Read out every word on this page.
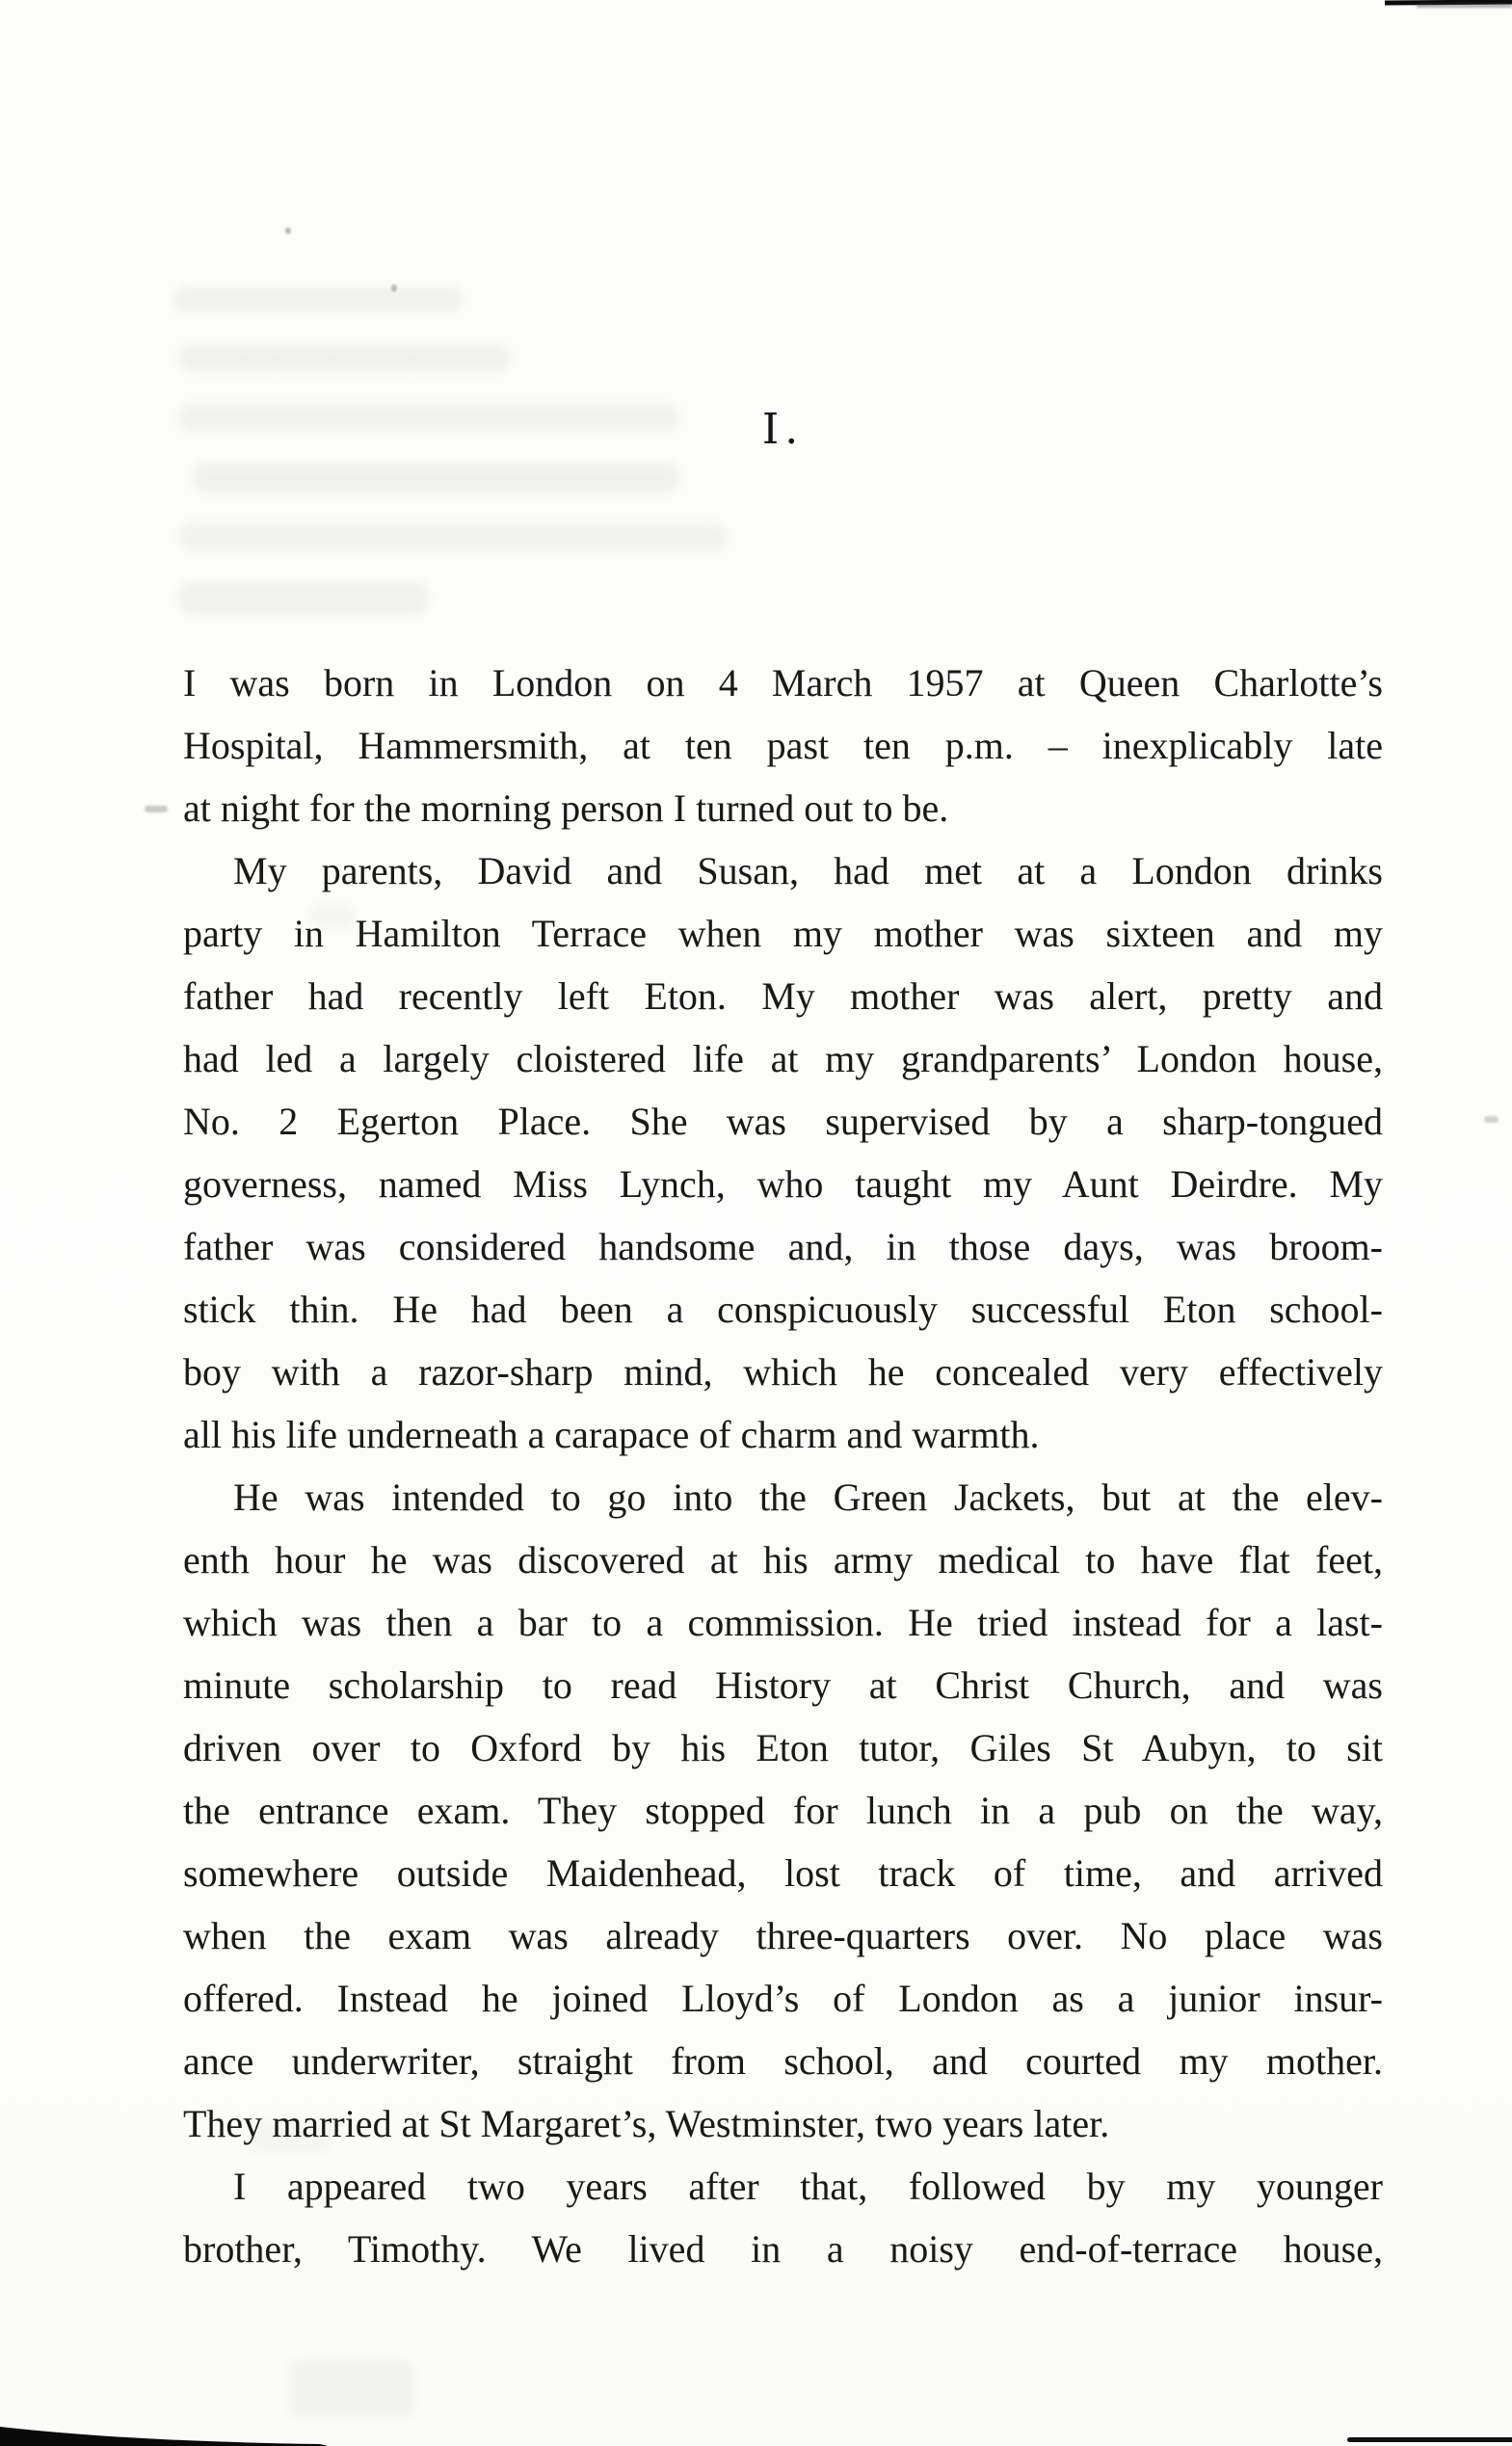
I.
I was born in London on 4 March 1957 at Queen Charlotte’s
Hospital, Hammersmith, at ten past ten p.m. – inexplicably late
at night for the morning person I turned out to be.
My parents, David and Susan, had met at a London drinks
party in Hamilton Terrace when my mother was sixteen and my
father had recently left Eton. My mother was alert, pretty and
had led a largely cloistered life at my grandparents’ London house,
No. 2 Egerton Place. She was supervised by a sharp-tongued
governess, named Miss Lynch, who taught my Aunt Deirdre. My
father was considered handsome and, in those days, was broom-
stick thin. He had been a conspicuously successful Eton school-
boy with a razor-sharp mind, which he concealed very effectively
all his life underneath a carapace of charm and warmth.
He was intended to go into the Green Jackets, but at the elev-
enth hour he was discovered at his army medical to have flat feet,
which was then a bar to a commission. He tried instead for a last-
minute scholarship to read History at Christ Church, and was
driven over to Oxford by his Eton tutor, Giles St Aubyn, to sit
the entrance exam. They stopped for lunch in a pub on the way,
somewhere outside Maidenhead, lost track of time, and arrived
when the exam was already three-quarters over. No place was
offered. Instead he joined Lloyd’s of London as a junior insur-
ance underwriter, straight from school, and courted my mother.
They married at St Margaret’s, Westminster, two years later.
I appeared two years after that, followed by my younger
brother, Timothy. We lived in a noisy end-of-terrace house,
